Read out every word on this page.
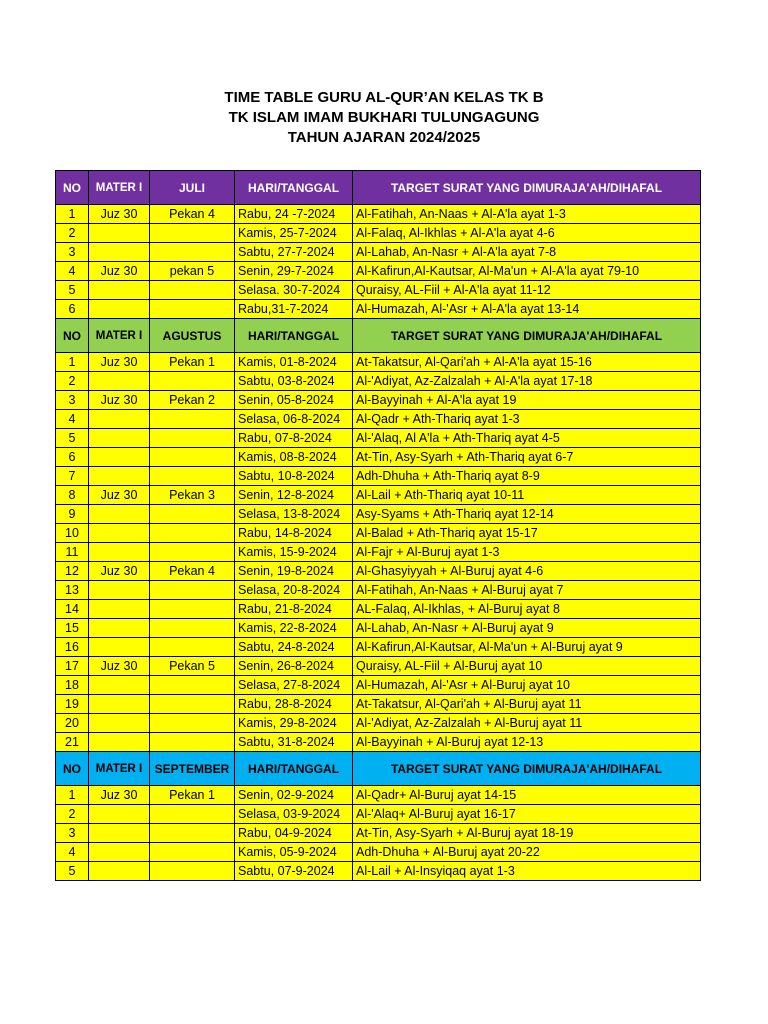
TIME TABLE GURU AL-QUR’AN KELAS TK B
TK ISLAM IMAM BUKHARI TULUNGAGUNG
TAHUN AJARAN 2024/2025
NO	MATER I	JULI	HARI/TANGGAL	TARGET SURAT YANG DIMURAJA'AH/DIHAFAL
1	Juz 30	Pekan 4	Rabu, 24 -7-2024	Al-Fatihah, An-Naas + Al-A'la ayat 1-3
2			Kamis, 25-7-2024	Al-Falaq, Al-Ikhlas + Al-A'la ayat 4-6
3			Sabtu, 27-7-2024	Al-Lahab, An-Nasr + Al-A'la ayat 7-8
4	Juz 30	pekan 5	Senin, 29-7-2024	Al-Kafirun,Al-Kautsar, Al-Ma'un + Al-A'la ayat 79-10
5			Selasa. 30-7-2024	Quraisy, AL-Fiil + Al-A'la ayat 11-12
6			Rabu,31-7-2024	Al-Humazah, Al-'Asr + Al-A'la ayat 13-14
NO	MATER I	AGUSTUS	HARI/TANGGAL	TARGET SURAT YANG DIMURAJA'AH/DIHAFAL
1	Juz 30	Pekan 1	Kamis, 01-8-2024	At-Takatsur, Al-Qari'ah + Al-A'la ayat 15-16
2			Sabtu, 03-8-2024	Al-'Adiyat, Az-Zalzalah + Al-A'la ayat 17-18
3	Juz 30	Pekan 2	Senin, 05-8-2024	Al-Bayyinah + Al-A'la ayat 19
4			Selasa, 06-8-2024	Al-Qadr + Ath-Thariq ayat 1-3
5			Rabu, 07-8-2024	Al-'Alaq, Al A'la + Ath-Thariq ayat 4-5
6			Kamis, 08-8-2024	At-Tin, Asy-Syarh + Ath-Thariq ayat 6-7
7			Sabtu, 10-8-2024	Adh-Dhuha + Ath-Thariq ayat 8-9
8	Juz 30	Pekan 3	Senin, 12-8-2024	Al-Lail + Ath-Thariq ayat 10-11
9			Selasa, 13-8-2024	Asy-Syams + Ath-Thariq ayat 12-14
10			Rabu, 14-8-2024	Al-Balad + Ath-Thariq ayat 15-17
11			Kamis, 15-9-2024	Al-Fajr + Al-Buruj ayat 1-3
12	Juz 30	Pekan 4	Senin, 19-8-2024	Al-Ghasyiyyah + Al-Buruj ayat 4-6
13			Selasa, 20-8-2024	Al-Fatihah, An-Naas + Al-Buruj ayat 7
14			Rabu, 21-8-2024	AL-Falaq, Al-Ikhlas, + Al-Buruj ayat 8
15			Kamis, 22-8-2024	Al-Lahab, An-Nasr + Al-Buruj ayat 9
16			Sabtu, 24-8-2024	Al-Kafirun,Al-Kautsar, Al-Ma'un + Al-Buruj ayat 9
17	Juz 30	Pekan 5	Senin, 26-8-2024	Quraisy, AL-Fiil + Al-Buruj ayat 10
18			Selasa, 27-8-2024	Al-Humazah, Al-'Asr + Al-Buruj ayat 10
19			Rabu, 28-8-2024	At-Takatsur, Al-Qari'ah + Al-Buruj ayat 11
20			Kamis, 29-8-2024	Al-'Adiyat, Az-Zalzalah + Al-Buruj ayat 11
21			Sabtu, 31-8-2024	Al-Bayyinah + Al-Buruj ayat 12-13
NO	MATER I	SEPTEMBER	HARI/TANGGAL	TARGET SURAT YANG DIMURAJA'AH/DIHAFAL
1	Juz 30	Pekan 1	Senin, 02-9-2024	Al-Qadr+ Al-Buruj ayat 14-15
2			Selasa, 03-9-2024	Al-'Alaq+ Al-Buruj ayat 16-17
3			Rabu, 04-9-2024	At-Tin, Asy-Syarh + Al-Buruj ayat 18-19
4			Kamis, 05-9-2024	Adh-Dhuha + Al-Buruj ayat 20-22
5			Sabtu, 07-9-2024	Al-Lail + Al-Insyiqaq ayat 1-3
